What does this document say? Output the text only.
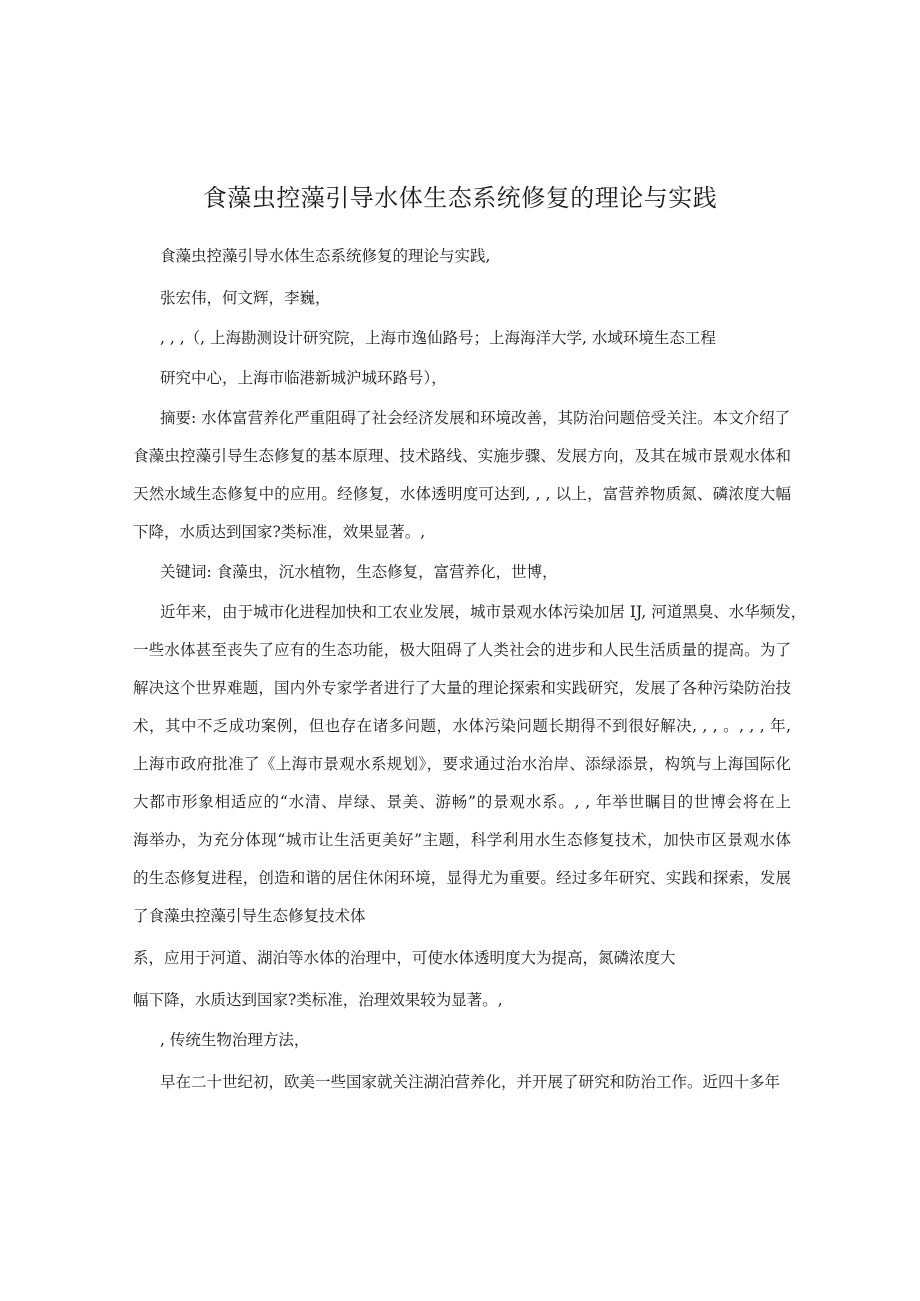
食藻虫控藻引导水体生态系统修复的理论与实践
食藻虫控藻引导水体生态系统修复的理论与实践,
张宏伟，何文辉，李巍，
, , ,（, 上海勘测设计研究院，上海市逸仙路号；上海海洋大学, 水域环境生态工程
研究中心，上海市临港新城沪城环路号），
摘要: 水体富营养化严重阻碍了社会经济发展和环境改善，其防治问题倍受关注。本文介绍了
食藻虫控藻引导生态修复的基本原理、技术路线、实施步骤、发展方向，及其在城市景观水体和
天然水域生态修复中的应用。经修复，水体透明度可达到, , , 以上，富营养物质氮、磷浓度大幅
下降，水质达到国家?类标准，效果显著。,
关键词: 食藻虫，沉水植物，生态修复，富营养化，世博，
近年来，由于城市化进程加快和工农业发展，城市景观水体污染加居 IJ, 河道黑臭、水华频发，
一些水体甚至丧失了应有的生态功能，极大阻碍了人类社会的进步和人民生活质量的提高。为了
解决这个世界难题，国内外专家学者进行了大量的理论探索和实践研究，发展了各种污染防治技
术，其中不乏成功案例，但也存在诸多问题，水体污染问题长期得不到很好解决, , , 。, , , 年,
上海市政府批准了《上海市景观水系规划》，要求通过治水治岸、添绿添景，构筑与上海国际化
大都市形象相适应的“水清、岸绿、景美、游畅”的景观水系。, , 年举世瞩目的世博会将在上
海举办，为充分体现“城市让生活更美好”主题，科学利用水生态修复技术，加快市区景观水体
的生态修复进程，创造和谐的居住休闲环境，显得尤为重要。经过多年研究、实践和探索，发展
了食藻虫控藻引导生态修复技术体
系，应用于河道、湖泊等水体的治理中，可使水体透明度大为提高，氮磷浓度大
幅下降，水质达到国家?类标准，治理效果较为显著。,
, 传统生物治理方法，
早在二十世纪初，欧美一些国家就关注湖泊营养化，并开展了研究和防治工作。近四十多年
